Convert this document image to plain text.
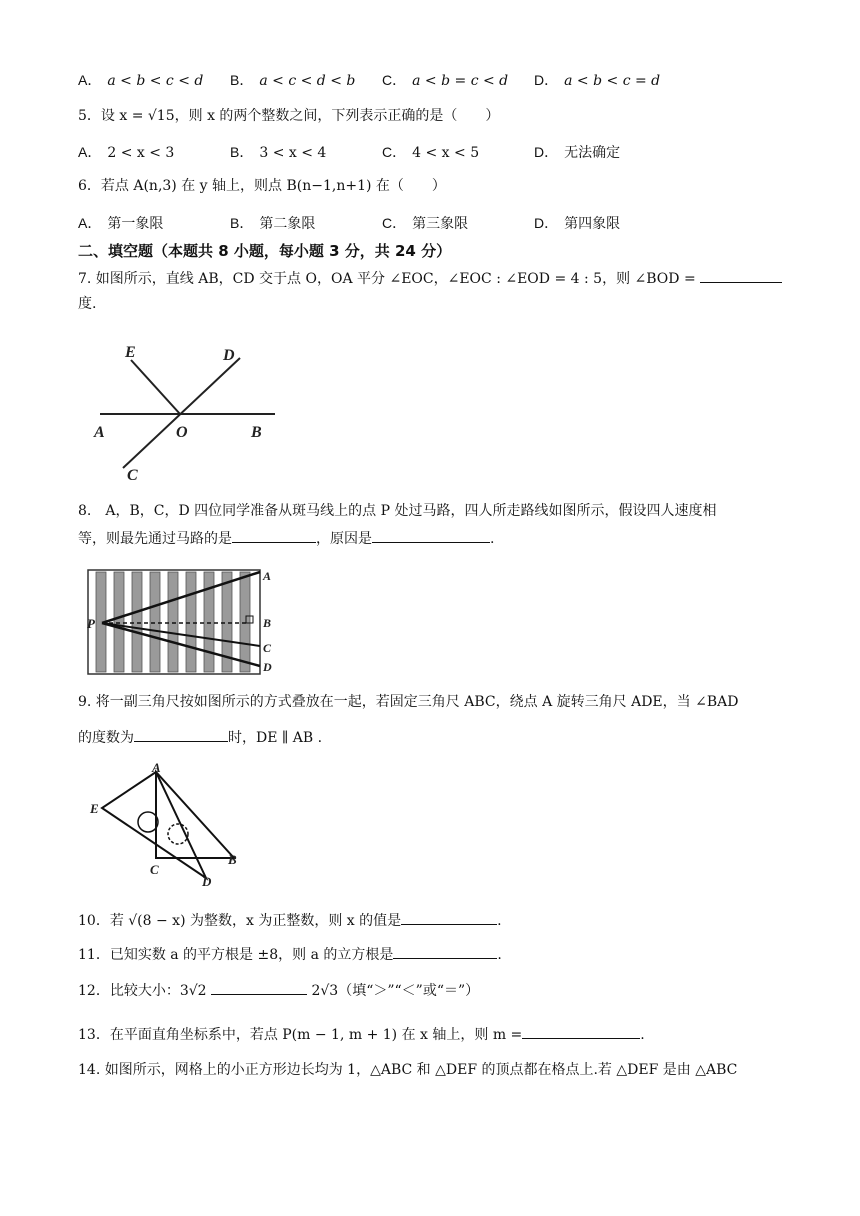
A． a < b < c < d B． a < c < d < b C． a < b = c < d D． a < b < c = d
5．设 x = √15，则 x 的两个整数之间，下列表示正确的是（　　）
A． 2 < x < 3	B． 3 < x < 4	C． 4 < x < 5	D． 无法确定
6．若点 A(n,3) 在 y 轴上，则点 B(n−1,n+1) 在（　　）
A． 第一象限	B． 第二象限	C． 第三象限	D． 第四象限
二、填空题（本题共 8 小题，每小题 3 分，共 24 分）
7. 如图所示，直线 AB，CD 交于点 O，OA 平分 ∠EOC，∠EOC : ∠EOD = 4 : 5，则 ∠BOD =
度.
E	D
A	O	B
C
8.　A，B，C，D 四位同学准备从斑马线上的点 P 处过马路，四人所走路线如图所示，假设四人速度相
等，则最先通过马路的是	，原因是	.
P
A
B
C
D
9. 将一副三角尺按如图所示的方式叠放在一起，若固定三角尺 ABC，绕点 A 旋转三角尺 ADE，当 ∠BAD
的度数为	时，DE ∥ AB .
A
E
C
B
D
10．若 √(8 − x) 为整数，x 为正整数，则 x 的值是	.
11．已知实数 a 的平方根是 ±8，则 a 的立方根是	.
12．比较大小：3√2	2√3（填“＞”“＜”或“＝”）
13．在平面直角坐标系中，若点 P(m − 1, m + 1) 在 x 轴上，则 m =	.
14. 如图所示，网格上的小正方形边长均为 1，△ABC 和 △DEF 的顶点都在格点上.若 △DEF 是由 △ABC
